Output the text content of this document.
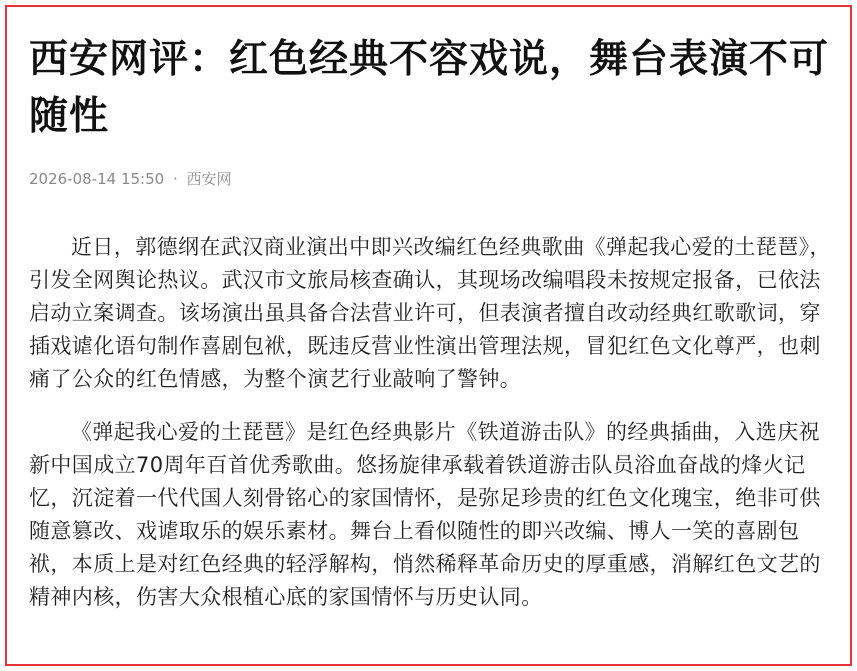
西安网评：红色经典不容戏说，舞台表演不可随性
2026-08-14 15:50 · 西安网

近日，郭德纲在武汉商业演出中即兴改编红色经典歌曲《弹起我心爱的土琵琶》，引发全网舆论热议。武汉市文旅局核查确认，其现场改编唱段未按规定报备，已依法启动立案调查。该场演出虽具备合法营业许可，但表演者擅自改动经典红歌歌词，穿插戏谑化语句制作喜剧包袱，既违反营业性演出管理法规，冒犯红色文化尊严，也刺痛了公众的红色情感，为整个演艺行业敲响了警钟。

《弹起我心爱的土琵琶》是红色经典影片《铁道游击队》的经典插曲，入选庆祝新中国成立70周年百首优秀歌曲。悠扬旋律承载着铁道游击队员浴血奋战的烽火记忆，沉淀着一代代国人刻骨铭心的家国情怀，是弥足珍贵的红色文化瑰宝，绝非可供随意篡改、戏谑取乐的娱乐素材。舞台上看似随性的即兴改编、博人一笑的喜剧包袱，本质上是对红色经典的轻浮解构，悄然稀释革命历史的厚重感，消解红色文艺的精神内核，伤害大众根植心底的家国情怀与历史认同。
